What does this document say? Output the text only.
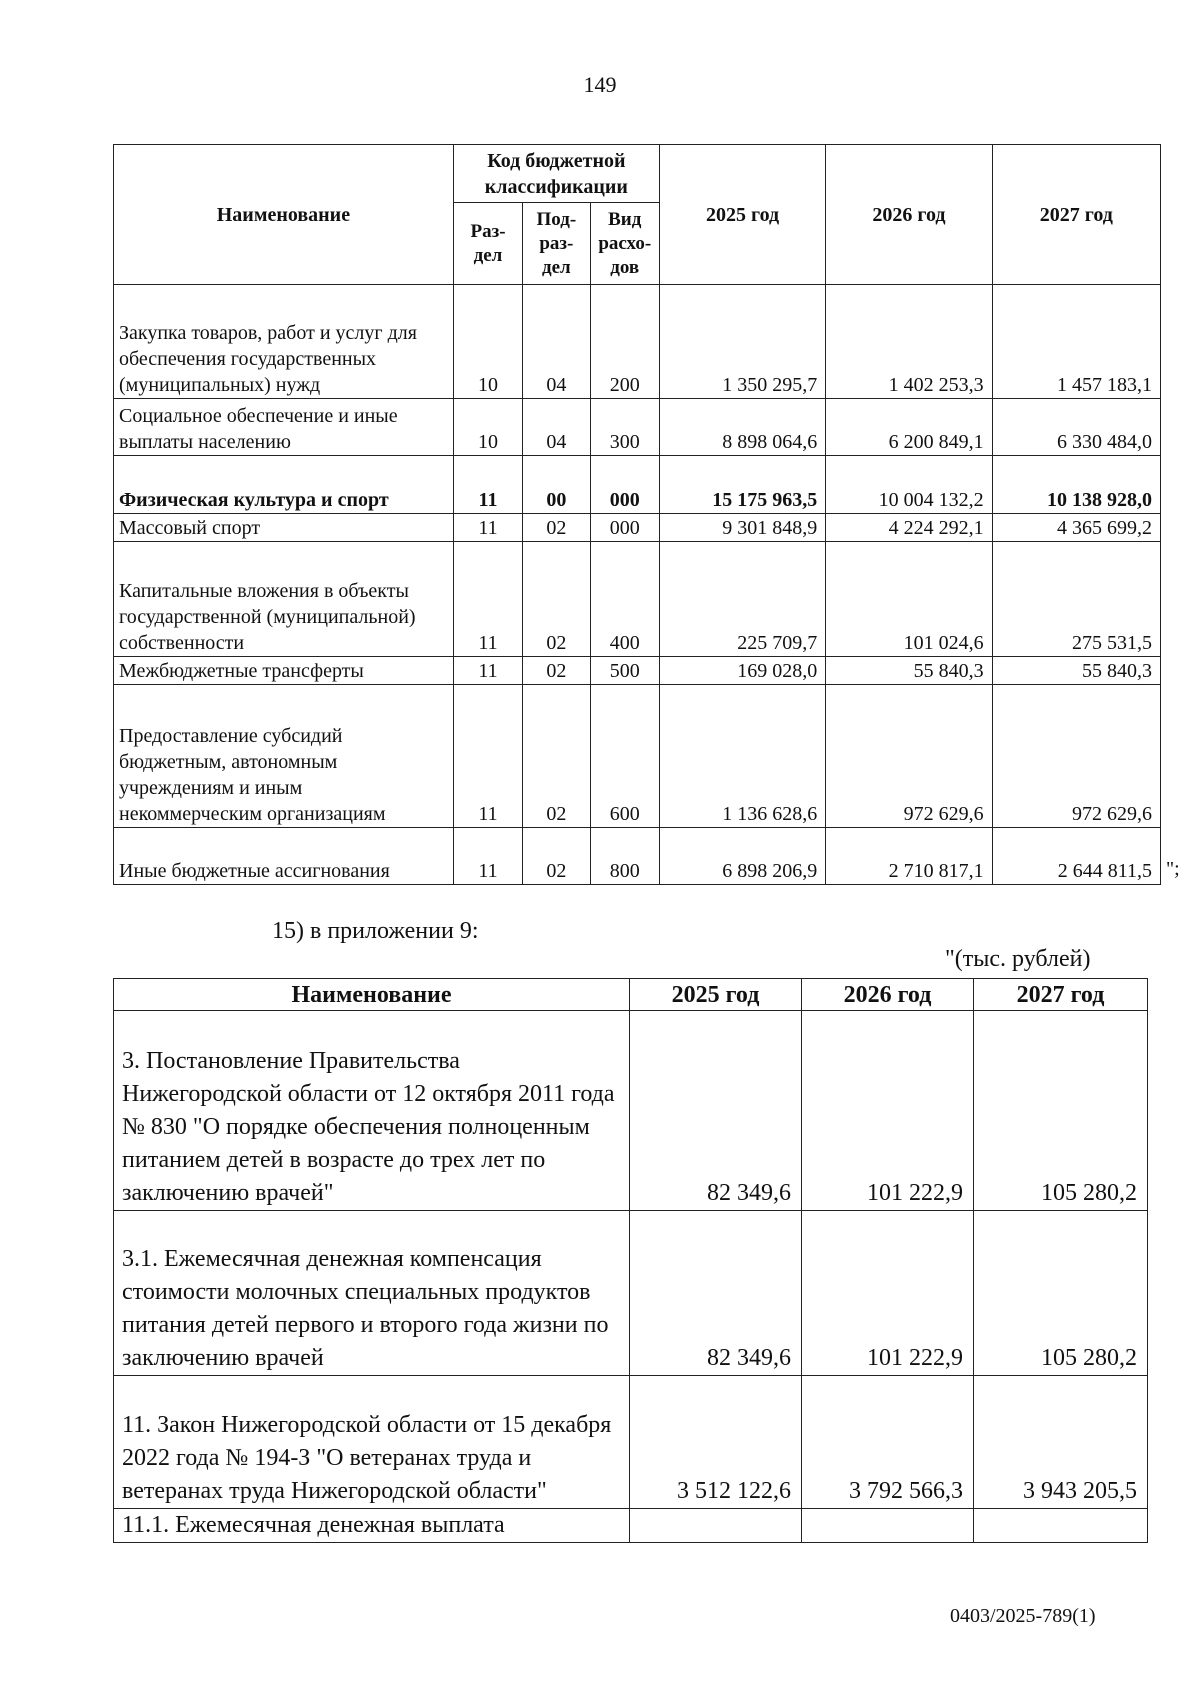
149
Наименование	Код бюджетной классификации			2025 год	2026 год	2027 год
	Раз-дел	Под-раз-дел	Вид расхо-дов			
Закупка товаров, работ и услуг для обеспечения государственных (муниципальных) нужд	10	04	200	1 350 295,7	1 402 253,3	1 457 183,1
Социальное обеспечение и иные выплаты населению	10	04	300	8 898 064,6	6 200 849,1	6 330 484,0
Физическая культура и спорт	11	00	000	15 175 963,5	10 004 132,2	10 138 928,0
Массовый спорт	11	02	000	9 301 848,9	4 224 292,1	4 365 699,2
Капитальные вложения в объекты государственной (муниципальной) собственности	11	02	400	225 709,7	101 024,6	275 531,5
Межбюджетные трансферты	11	02	500	169 028,0	55 840,3	55 840,3
Предоставление субсидий бюджетным, автономным учреждениям и иным некоммерческим организациям	11	02	600	1 136 628,6	972 629,6	972 629,6
Иные бюджетные ассигнования	11	02	800	6 898 206,9	2 710 817,1	2 644 811,5 ";
15) в приложении 9:
"(тыс. рублей)
Наименование	2025 год	2026 год	2027 год
3. Постановление Правительства Нижегородской области от 12 октября 2011 года № 830 "О порядке обеспечения полноценным питанием детей в возрасте до трех лет по заключению врачей"	82 349,6	101 222,9	105 280,2
3.1. Ежемесячная денежная компенсация стоимости молочных специальных продуктов питания детей первого и второго года жизни по заключению врачей	82 349,6	101 222,9	105 280,2
11. Закон Нижегородской области от 15 декабря 2022 года № 194-З "О ветеранах труда и ветеранах труда Нижегородской области"	3 512 122,6	3 792 566,3	3 943 205,5
11.1. Ежемесячная денежная выплата			
0403/2025-789(1)
